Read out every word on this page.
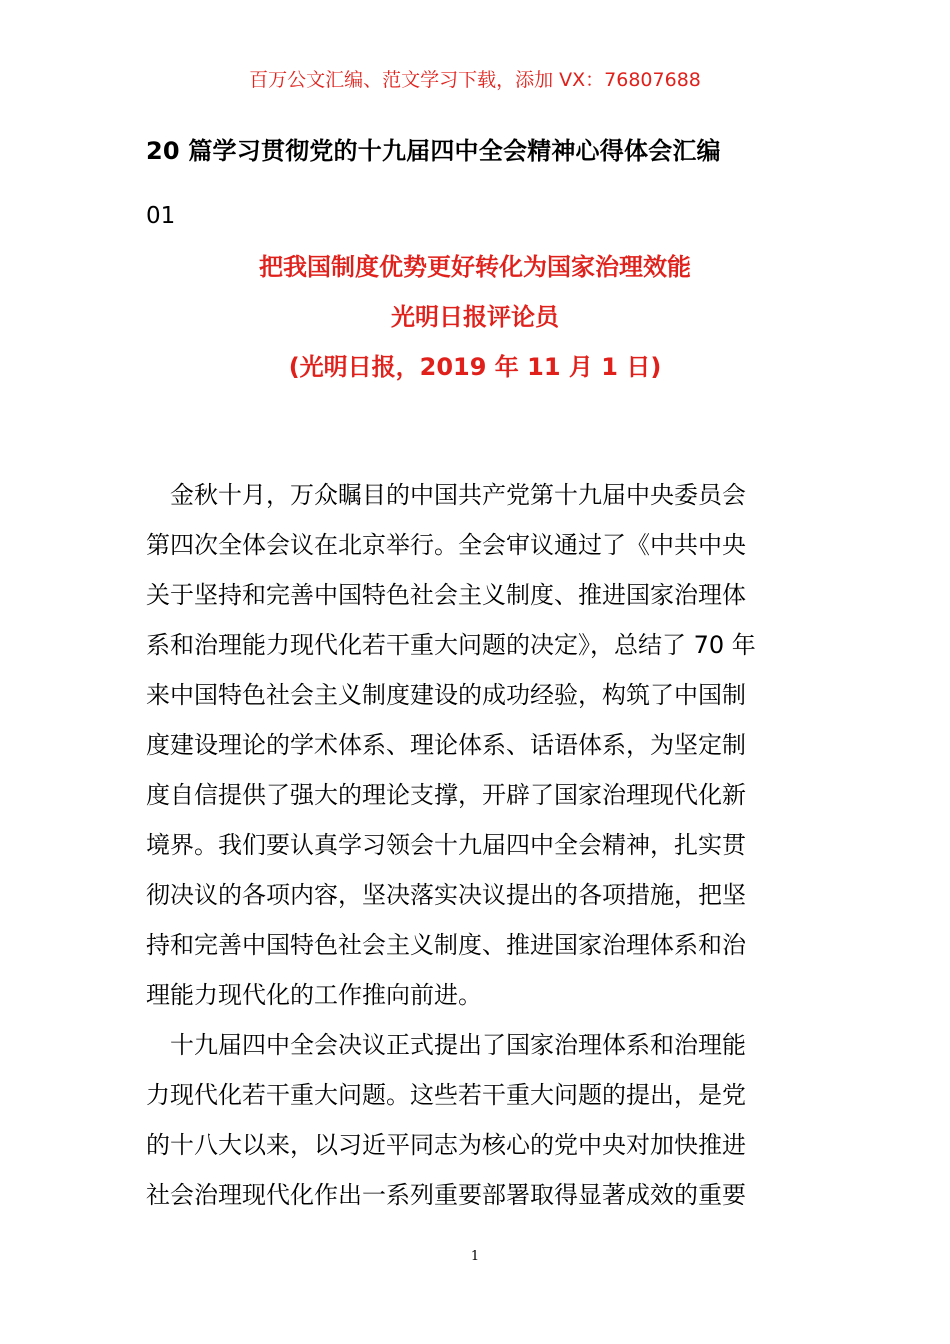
百万公文汇编、范文学习下载，添加 VX：76807688
20 篇学习贯彻党的十九届四中全会精神心得体会汇编
01
把我国制度优势更好转化为国家治理效能
光明日报评论员
(光明日报，2019 年 11 月 1 日)
　金秋十月，万众瞩目的中国共产党第十九届中央委员会
第四次全体会议在北京举行。全会审议通过了《中共中央
关于坚持和完善中国特色社会主义制度、推进国家治理体
系和治理能力现代化若干重大问题的决定》，总结了 70 年
来中国特色社会主义制度建设的成功经验，构筑了中国制
度建设理论的学术体系、理论体系、话语体系，为坚定制
度自信提供了强大的理论支撑，开辟了国家治理现代化新
境界。我们要认真学习领会十九届四中全会精神，扎实贯
彻决议的各项内容，坚决落实决议提出的各项措施，把坚
持和完善中国特色社会主义制度、推进国家治理体系和治
理能力现代化的工作推向前进。
　十九届四中全会决议正式提出了国家治理体系和治理能
力现代化若干重大问题。这些若干重大问题的提出，是党
的十八大以来，以习近平同志为核心的党中央对加快推进
社会治理现代化作出一系列重要部署取得显著成效的重要
1
